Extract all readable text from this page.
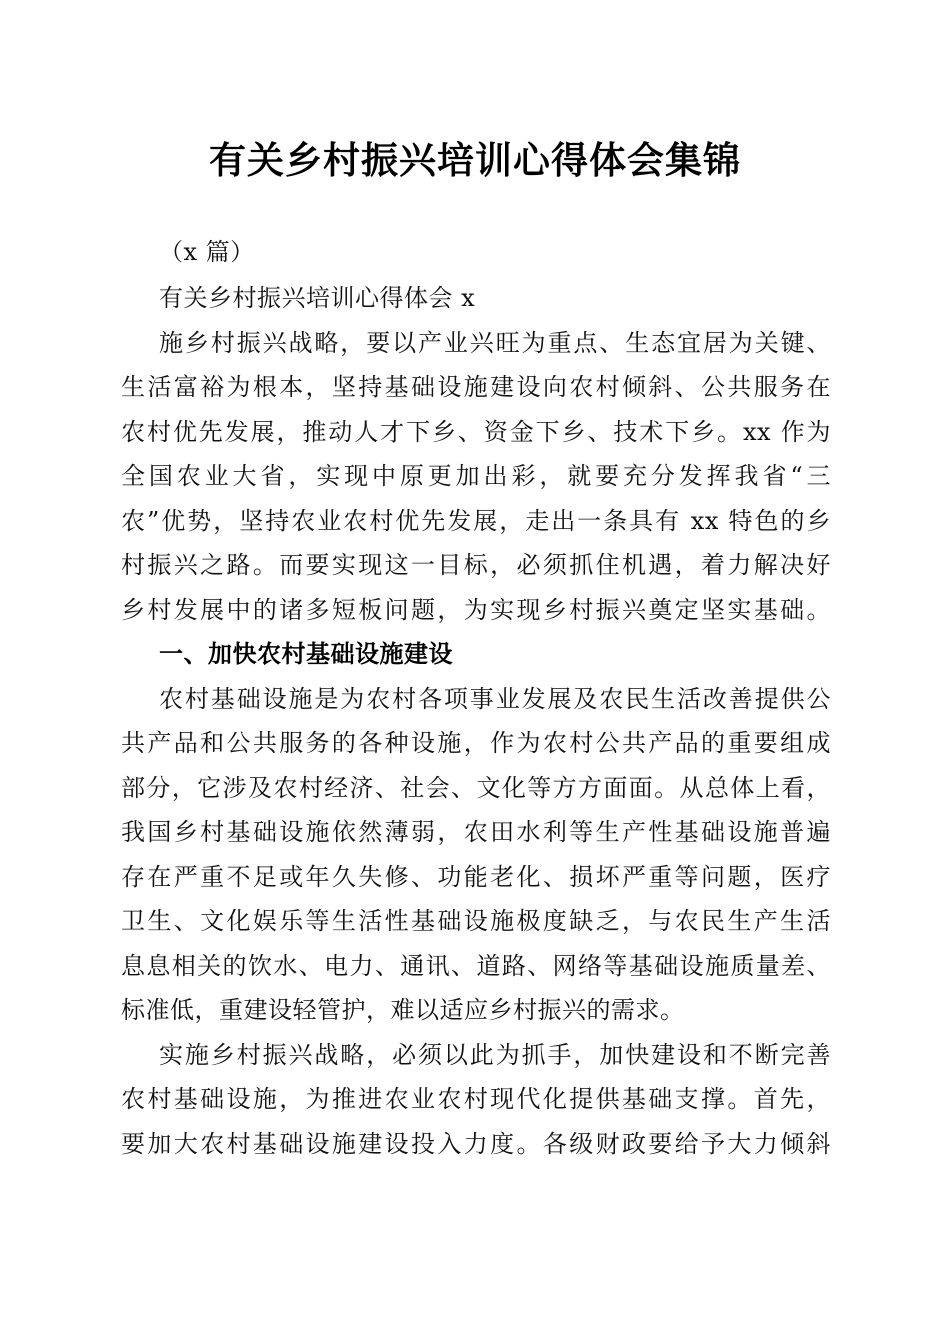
有关乡村振兴培训心得体会集锦
（x 篇）
有关乡村振兴培训心得体会 x
施乡村振兴战略，要以产业兴旺为重点、生态宜居为关键、
生活富裕为根本，坚持基础设施建设向农村倾斜、公共服务在
农村优先发展，推动人才下乡、资金下乡、技术下乡。xx 作为
全国农业大省，实现中原更加出彩，就要充分发挥我省“三
农”优势，坚持农业农村优先发展，走出一条具有 xx 特色的乡
村振兴之路。而要实现这一目标，必须抓住机遇，着力解决好
乡村发展中的诸多短板问题，为实现乡村振兴奠定坚实基础。
一、加快农村基础设施建设
农村基础设施是为农村各项事业发展及农民生活改善提供公
共产品和公共服务的各种设施，作为农村公共产品的重要组成
部分，它涉及农村经济、社会、文化等方方面面。从总体上看，
我国乡村基础设施依然薄弱，农田水利等生产性基础设施普遍
存在严重不足或年久失修、功能老化、损坏严重等问题，医疗
卫生、文化娱乐等生活性基础设施极度缺乏，与农民生产生活
息息相关的饮水、电力、通讯、道路、网络等基础设施质量差、
标准低，重建设轻管护，难以适应乡村振兴的需求。
实施乡村振兴战略，必须以此为抓手，加快建设和不断完善
农村基础设施，为推进农业农村现代化提供基础支撑。首先，
要加大农村基础设施建设投入力度。各级财政要给予大力倾斜
